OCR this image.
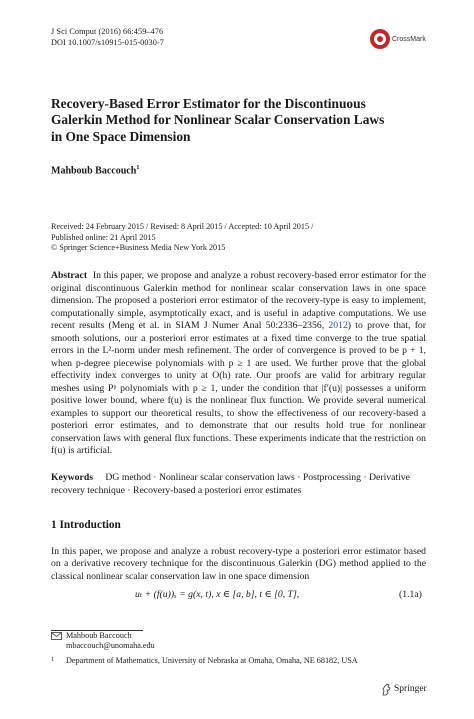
J Sci Comput (2016) 66:459–476
DOI 10.1007/s10915-015-0030-7	CrossMark
Recovery-Based Error Estimator for the Discontinuous Galerkin Method for Nonlinear Scalar Conservation Laws in One Space Dimension
Mahboub Baccouch$^1$
Received: 24 February 2015 / Revised: 8 April 2015 / Accepted: 10 April 2015 /
Published online: 21 April 2015
© Springer Science+Business Media New York 2015
Abstract In this paper, we propose and analyze a robust recovery-based error estimator for the original discontinuous Galerkin method for nonlinear scalar conservation laws in one space dimension. The proposed a posteriori error estimator of the recovery-type is easy to implement, computationally simple, asymptotically exact, and is useful in adaptive computations. We use recent results (Meng et al. in SIAM J Numer Anal 50:2336–2356, 2012) to prove that, for smooth solutions, our a posteriori error estimates at a fixed time converge to the true spatial errors in the L²-norm under mesh refinement. The order of convergence is proved to be p + 1, when p-degree piecewise polynomials with p ≥ 1 are used. We further prove that the global effectivity index converges to unity at O(h) rate. Our proofs are valid for arbitrary regular meshes using Pᵖ polynomials with p ≥ 1, under the condition that |f′(u)| possesses a uniform positive lower bound, where f(u) is the nonlinear flux function. We provide several numerical examples to support our theoretical results, to show the effectiveness of our recovery-based a posteriori error estimates, and to demonstrate that our results hold true for nonlinear conservation laws with general flux functions. These experiments indicate that the restriction on f(u) is artificial.
Keywords DG method · Nonlinear scalar conservation laws · Postprocessing · Derivative recovery technique · Recovery-based a posteriori error estimates
1 Introduction
In this paper, we propose and analyze a robust recovery-type a posteriori error estimator based on a derivative recovery technique for the discontinuous Galerkin (DG) method applied to the classical nonlinear scalar conservation law in one space dimension
uₜ + (f(u))ₓ = g(x, t), x ∈ [a, b], t ∈ [0, T],	(1.1a)
Mahboub Baccouch
mbaccouch@unomaha.edu
1 Department of Mathematics, University of Nebraska at Omaha, Omaha, NE 68182, USA
Springer
